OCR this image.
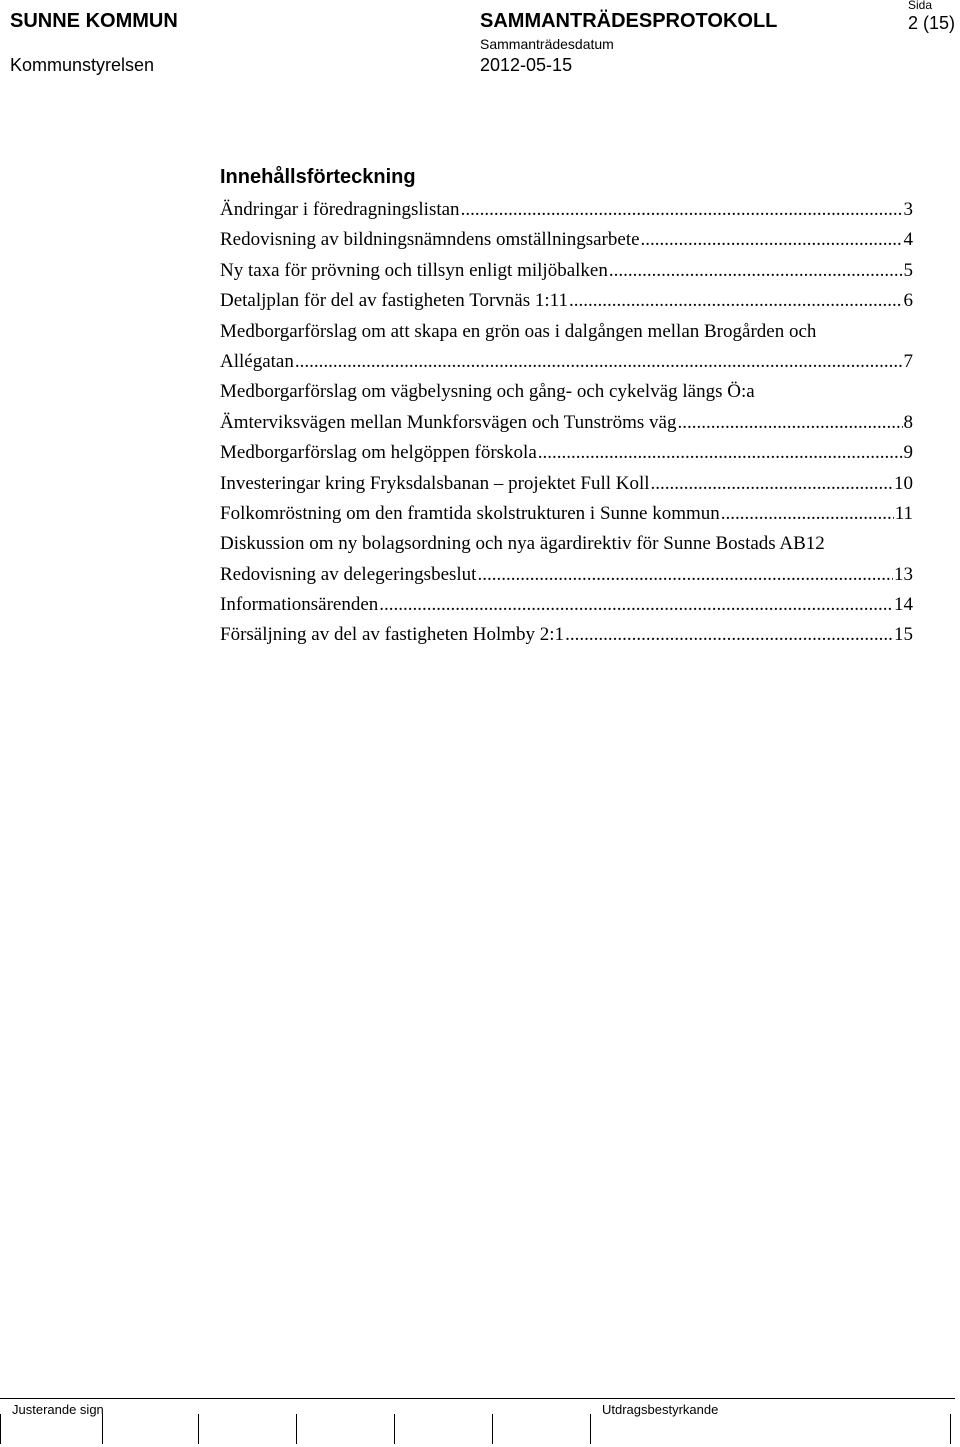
SUNNE KOMMUN
Kommunstyrelsen
SAMMANTRÄDESPROTOKOLL
Sammanträdesdatum
2012-05-15
Sida
2 (15)
Innehållsförteckning
Ändringar i föredragningslistan .....	3
Redovisning av bildningsnämndens omställningsarbete .....	4
Ny taxa för prövning och tillsyn enligt miljöbalken .....	5
Detaljplan för del av fastigheten Torvnäs 1:11 .....	6
Medborgarförslag om att skapa en grön oas i dalgången mellan Brogården och
Allégatan .....	7
Medborgarförslag om vägbelysning och gång- och cykelväg längs Ö:a
Ämterviksvägen mellan Munkforsvägen och Tunströms väg .....	8
Medborgarförslag om helgöppen förskola .....	9
Investeringar kring Fryksdalsbanan – projektet Full Koll .....	10
Folkomröstning om den framtida skolstrukturen i Sunne kommun .....	11
Diskussion om ny bolagsordning och nya ägardirektiv för Sunne Bostads AB 12
Redovisning av delegeringsbeslut .....	13
Informationsärenden .....	14
Försäljning av del av fastigheten Holmby 2:1 .....	15
Justerande sign	Utdragsbestyrkande
